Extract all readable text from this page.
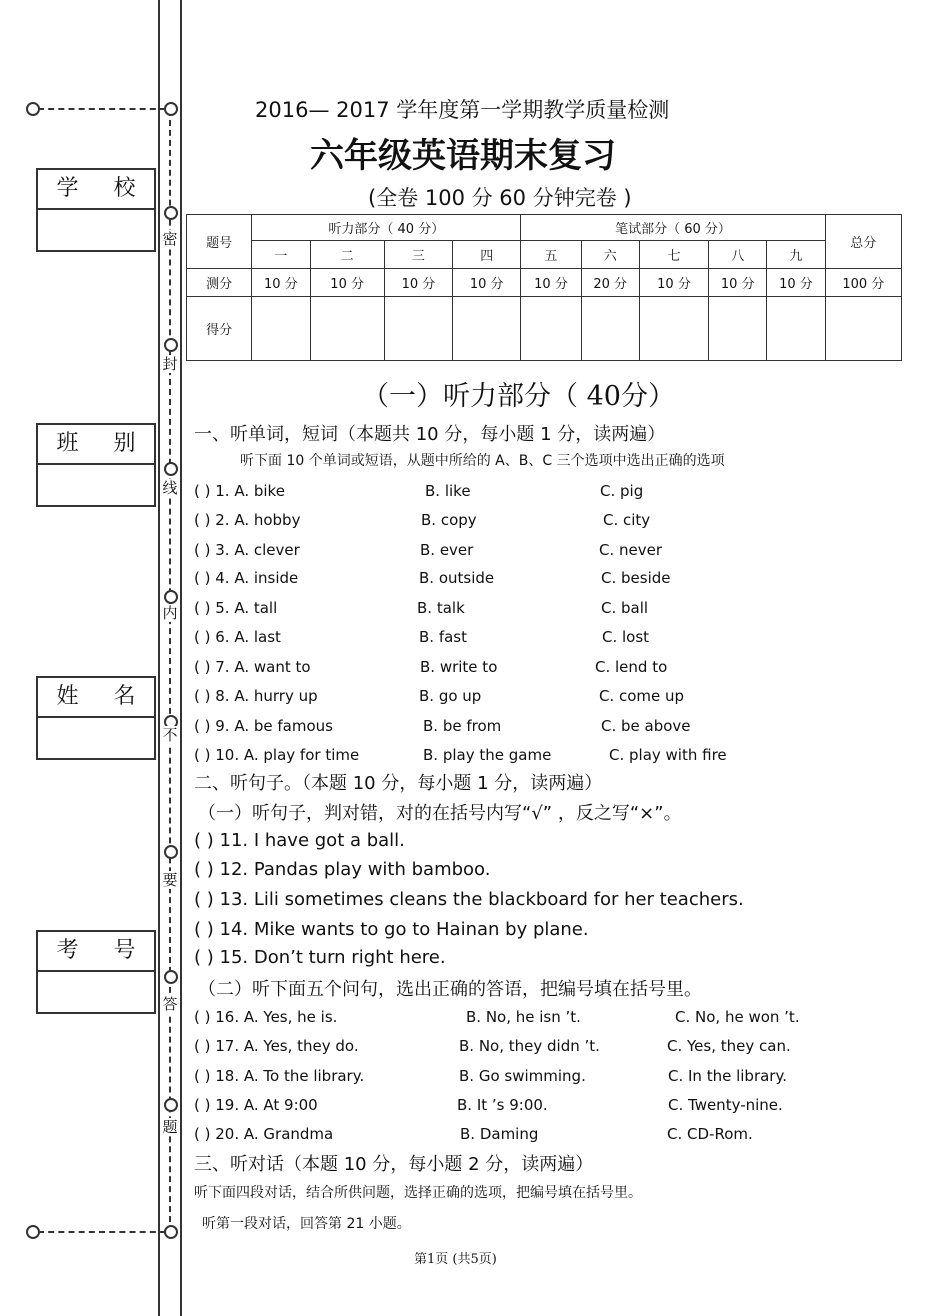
密
封
线
内
不
要
答
题
学 校
班 别
姓 名
考 号
2016— 2017 学年度第一学期教学质量检测
六年级英语期末复习
(全卷 100 分 60 分钟完卷 )
题号	听力部分（ 40 分）				笔试部分（ 60 分）					总分
	一	二	三	四	五	六	七	八	九	
测分	10 分	10 分	10 分	10 分	10 分	20 分	10 分	10 分	10 分	100 分
得分										
（一）听力部分（ 40分）
一、听单词，短词（本题共 10 分，每小题 1 分，读两遍）
听下面 10 个单词或短语，从题中所给的 A、B、C 三个选项中选出正确的选项
( ) 1. A. bike	B. like	C. pig
( ) 2. A. hobby	B. copy	C. city
( ) 3. A. clever	B. ever	C. never
( ) 4. A. inside	B. outside	C. beside
( ) 5. A. tall	B. talk	C. ball
( ) 6. A. last	B. fast	C. lost
( ) 7. A. want to	B. write to	C. lend to
( ) 8. A. hurry up	B. go up	C. come up
( ) 9. A. be famous	B. be from	C. be above
( ) 10. A. play for time	B. play the game	C. play with fire
二、听句子。（本题 10 分，每小题 1 分，读两遍）
（一）听句子，判对错，对的在括号内写“√” ，反之写“×”。
( ) 11. I have got a ball.
( ) 12. Pandas play with bamboo.
( ) 13. Lili sometimes cleans the blackboard for her teachers.
( ) 14. Mike wants to go to Hainan by plane.
( ) 15. Don’t turn right here.
（二）听下面五个问句，选出正确的答语，把编号填在括号里。
( ) 16. A. Yes, he is.	B. No, he isn ’t.	C. No, he won ’t.
( ) 17. A. Yes, they do.	B. No, they didn ’t.	C. Yes, they can.
( ) 18. A. To the library.	B. Go swimming.	C. In the library.
( ) 19. A. At 9:00	B. It ’s 9:00.	C. Twenty-nine.
( ) 20. A. Grandma	B. Daming	C. CD-Rom.
三、听对话（本题 10 分，每小题 2 分，读两遍）
听下面四段对话，结合所供问题，选择正确的选项，把编号填在括号里。
听第一段对话，回答第 21 小题。
第1页 (共5页)
